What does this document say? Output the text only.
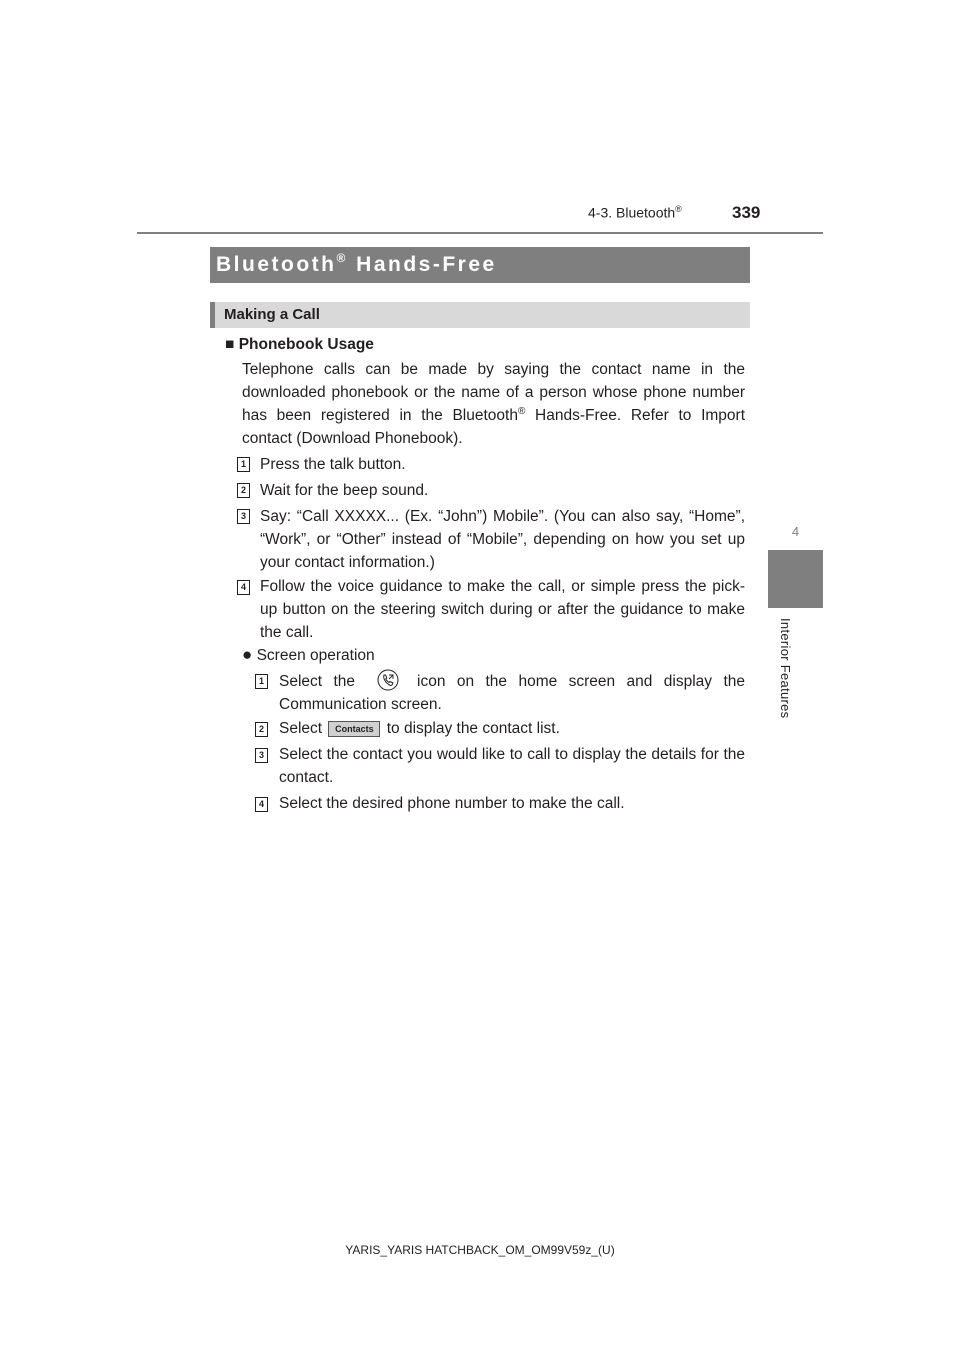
4-3. Bluetooth®	339
4
Interior Features
Bluetooth® Hands-Free
Making a Call
■ Phonebook Usage
Telephone calls can be made by saying the contact name in the downloaded phonebook or the name of a person whose phone number has been registered in the Bluetooth® Hands-Free. Refer to Import contact (Download Phonebook).
1 Press the talk button.
2 Wait for the beep sound.
3 Say: “Call XXXXX... (Ex. “John”) Mobile”. (You can also say, “Home”, “Work”, or “Other” instead of “Mobile”, depending on how you set up your contact information.)
4 Follow the voice guidance to make the call, or simple press the pick-up button on the steering switch during or after the guidance to make the call.
● Screen operation
1 Select the	icon on the home screen and display the Communication screen.
2 Select Contacts to display the contact list.
3 Select the contact you would like to call to display the details for the contact.
4 Select the desired phone number to make the call.
YARIS_YARIS HATCHBACK_OM_OM99V59z_(U)
